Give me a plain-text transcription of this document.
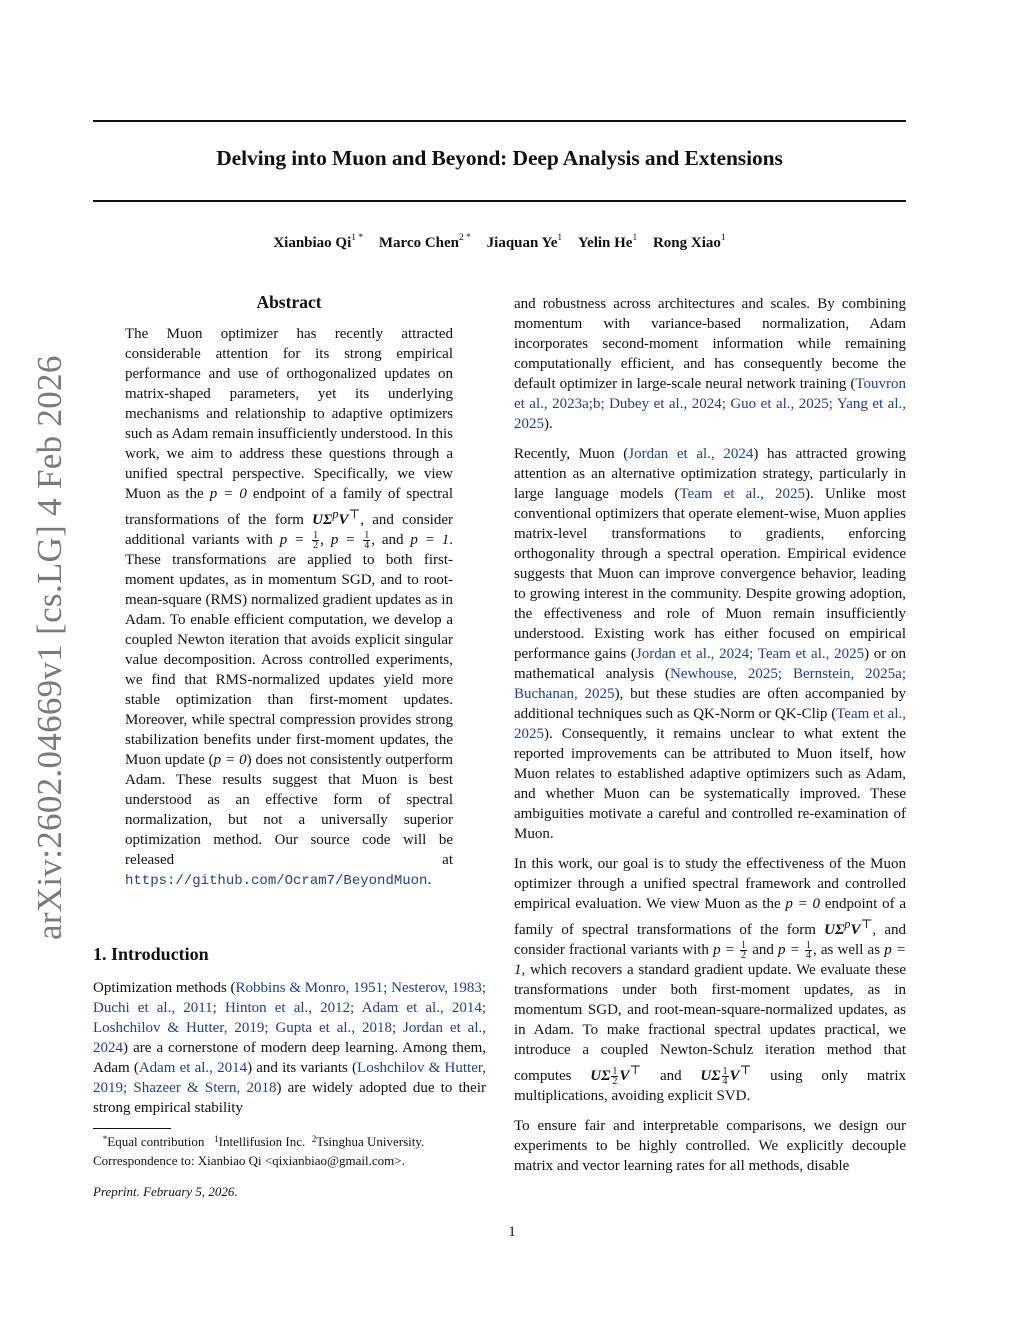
Delving into Muon and Beyond: Deep Analysis and Extensions
Xianbiao $Qi^{1 *}$ Marco Chen$^{2 *}$ Jiaquan Ye$^1$ Yelin He$^1$ Rong Xiao$^1$
arXiv:2602.04669v1 [cs.LG] 4 Feb 2026
Abstract

The Muon optimizer has recently attracted considerable attention for its strong empirical performance and use of orthogonalized updates on matrix-shaped parameters, yet its underlying mechanisms and relationship to adaptive optimizers such as Adam remain insufficiently understood. In this work, we aim to address these questions through a unified spectral perspective. Specifically, we view Muon as the p = 0 endpoint of a family of spectral transformations of the form $U\Sigma^pV^⊤$, and consider additional variants with $p = \frac{1}{2}$ , $p = \frac{1}{4}$ , and p = 1. These transformations are applied to both first-moment updates, as in momentum SGD, and to root-mean-square (RMS) normalized gradient updates as in Adam. To enable efficient computation, we develop a coupled Newton iteration that avoids explicit singular value decomposition. Across controlled experiments, we find that RMS-normalized updates yield more stable optimization than first-moment updates. Moreover, while spectral compression provides strong stabilization benefits under first-moment updates, the Muon update (p = 0) does not consistently outperform Adam. These results suggest that Muon is best understood as an effective form of spectral normalization, but not a universally superior optimization method. Our source code will be released at https://github.com/Ocram7/BeyondMuon.

1. Introduction

Optimization methods (Robbins & Monro, 1951; Nesterov, 1983; Duchi et al., 2011; Hinton et al., 2012; Adam et al., 2014; Loshchilov & Hutter, 2019; Gupta et al., 2018; Jordan et al., 2024) are a cornerstone of modern deep learning. Among them, Adam (Adam et al., 2014) and its variants (Loshchilov & Hutter, 2019; Shazeer & Stern, 2018) are widely adopted due to their strong empirical stability

*Equal contribution $^1$Intellifusion Inc. $^2$Tsinghua University.
Correspondence to: Xianbiao Qi <qixianbiao@gmail.com>.
Preprint. February 5, 2026.

and robustness across architectures and scales. By combining momentum with variance-based normalization, Adam incorporates second-moment information while remaining computationally efficient, and has consequently become the default optimizer in large-scale neural network training (Touvron et al., 2023a;b; Dubey et al., 2024; Guo et al., 2025; Yang et al., 2025).

Recently, Muon (Jordan et al., 2024) has attracted growing attention as an alternative optimization strategy, particularly in large language models (Team et al., 2025). Unlike most conventional optimizers that operate element-wise, Muon applies matrix-level transformations to gradients, enforcing orthogonality through a spectral operation. Empirical evidence suggests that Muon can improve convergence behavior, leading to growing interest in the community. Despite growing adoption, the effectiveness and role of Muon remain insufficiently understood. Existing work has either focused on empirical performance gains (Jordan et al., 2024; Team et al., 2025) or on mathematical analysis (Newhouse, 2025; Bernstein, 2025a; Buchanan, 2025), but these studies are often accompanied by additional techniques such as QK-Norm or QK-Clip (Team et al., 2025). Consequently, it remains unclear to what extent the reported improvements can be attributed to Muon itself, how Muon relates to established adaptive optimizers such as Adam, and whether Muon can be systematically improved. These ambiguities motivate a careful and controlled re-examination of Muon.

In this work, our goal is to study the effectiveness of the Muon optimizer through a unified spectral framework and controlled empirical evaluation. We view Muon as the p = 0 endpoint of a family of spectral transformations of the form $U\Sigma^pV^⊤$, and consider fractional variants with $p = \frac{1}{2}$ and $p = \frac{1}{4}$ , as well as p = 1, which recovers a standard gradient update. We evaluate these transformations under both first-moment updates, as in momentum SGD, and root-mean-square-normalized updates, as in Adam. To make fractional spectral updates practical, we introduce a coupled Newton-Schulz iteration method that computes UΣ $\frac{1}{2} V^⊤$ and UΣ $\frac{1}{4} V^⊤$ using only matrix multiplications, avoiding explicit SVD.

To ensure fair and interpretable comparisons, we design our experiments to be highly controlled. We explicitly decouple matrix and vector learning rates for all methods, disable

1
